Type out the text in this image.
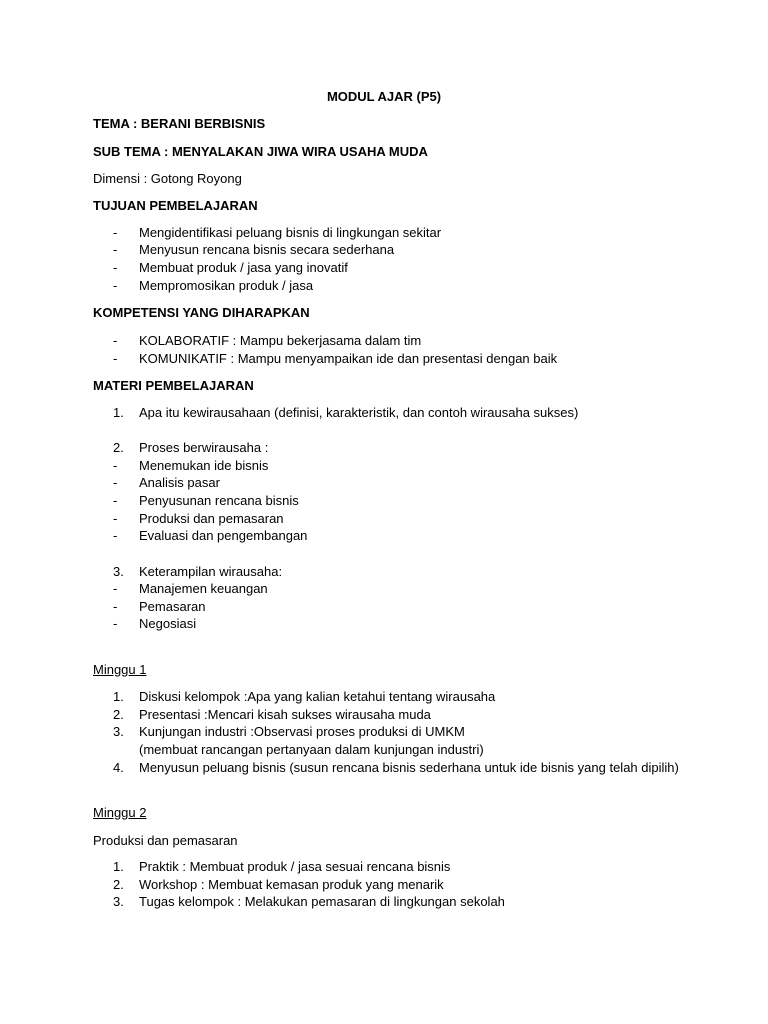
MODUL AJAR (P5)
TEMA : BERANI BERBISNIS
SUB TEMA : MENYALAKAN JIWA WIRA USAHA MUDA
Dimensi : Gotong Royong
TUJUAN PEMBELAJARAN
- Mengidentifikasi peluang bisnis di lingkungan sekitar
- Menyusun rencana bisnis secara sederhana
- Membuat produk / jasa yang inovatif
- Mempromosikan produk / jasa
KOMPETENSI YANG DIHARAPKAN
- KOLABORATIF : Mampu bekerjasama dalam tim
- KOMUNIKATIF : Mampu menyampaikan ide dan presentasi dengan baik
MATERI PEMBELAJARAN
1. Apa itu kewirausahaan (definisi, karakteristik, dan contoh wirausaha sukses)
2. Proses berwirausaha :
- Menemukan ide bisnis
- Analisis pasar
- Penyusunan rencana bisnis
- Produksi dan pemasaran
- Evaluasi dan pengembangan
3. Keterampilan wirausaha:
- Manajemen keuangan
- Pemasaran
- Negosiasi
Minggu 1
1. Diskusi kelompok :Apa yang kalian ketahui tentang wirausaha
2. Presentasi :Mencari kisah sukses wirausaha muda
3. Kunjungan industri :Observasi proses produksi di UMKM
(membuat rancangan pertanyaan dalam kunjungan industri)
4. Menyusun peluang bisnis (susun rencana bisnis sederhana untuk ide bisnis yang telah dipilih)
Minggu 2
Produksi dan pemasaran
1. Praktik : Membuat produk / jasa sesuai rencana bisnis
2. Workshop : Membuat kemasan produk yang menarik
3. Tugas kelompok : Melakukan pemasaran di lingkungan sekolah
